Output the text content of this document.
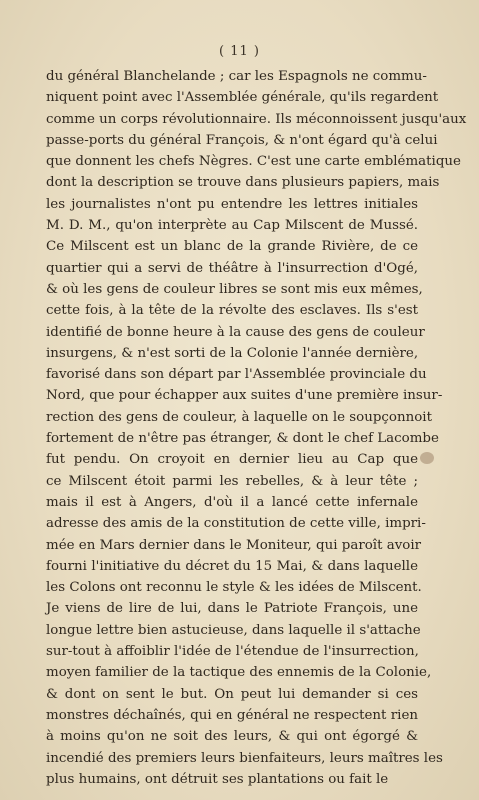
( 11 )
du général Blanchelande ; car les Espagnols ne commu-
niquent point avec l'Assemblée générale, qu'ils regardent
comme un corps révolutionnaire. Ils méconnoissent jusqu'aux
passe-ports du général François, & n'ont égard qu'à celui
que donnent les chefs Nègres. C'est une carte emblématique
dont la description se trouve dans plusieurs papiers, mais
les journalistes n'ont pu entendre les lettres initiales
M. D. M., qu'on interprète au Cap Milscent de Mussé.
Ce Milscent est un blanc de la grande Rivière, de ce
quartier qui a servi de théâtre à l'insurrection d'Ogé,
& où les gens de couleur libres se sont mis eux mêmes,
cette fois, à la tête de la révolte des esclaves. Ils s'est
identifié de bonne heure à la cause des gens de couleur
insurgens, & n'est sorti de la Colonie l'année dernière,
favorisé dans son départ par l'Assemblée provinciale du
Nord, que pour échapper aux suites d'une première insur-
rection des gens de couleur, à laquelle on le soupçonnoit
fortement de n'être pas étranger, & dont le chef Lacombe
fut pendu. On croyoit en dernier lieu au Cap que
ce Milscent étoit parmi les rebelles, & à leur tête ;
mais il est à Angers, d'où il a lancé cette infernale
adresse des amis de la constitution de cette ville, impri-
mée en Mars dernier dans le Moniteur, qui paroît avoir
fourni l'initiative du décret du 15 Mai, & dans laquelle
les Colons ont reconnu le style & les idées de Milscent.
Je viens de lire de lui, dans le Patriote François, une
longue lettre bien astucieuse, dans laquelle il s'attache
sur-tout à affoiblir l'idée de l'étendue de l'insurrection,
moyen familier de la tactique des ennemis de la Colonie,
& dont on sent le but. On peut lui demander si ces
monstres déchaînés, qui en général ne respectent rien
à moins qu'on ne soit des leurs, & qui ont égorgé &
incendié des premiers leurs bienfaiteurs, leurs maîtres les
plus humains, ont détruit ses plantations ou fait le
